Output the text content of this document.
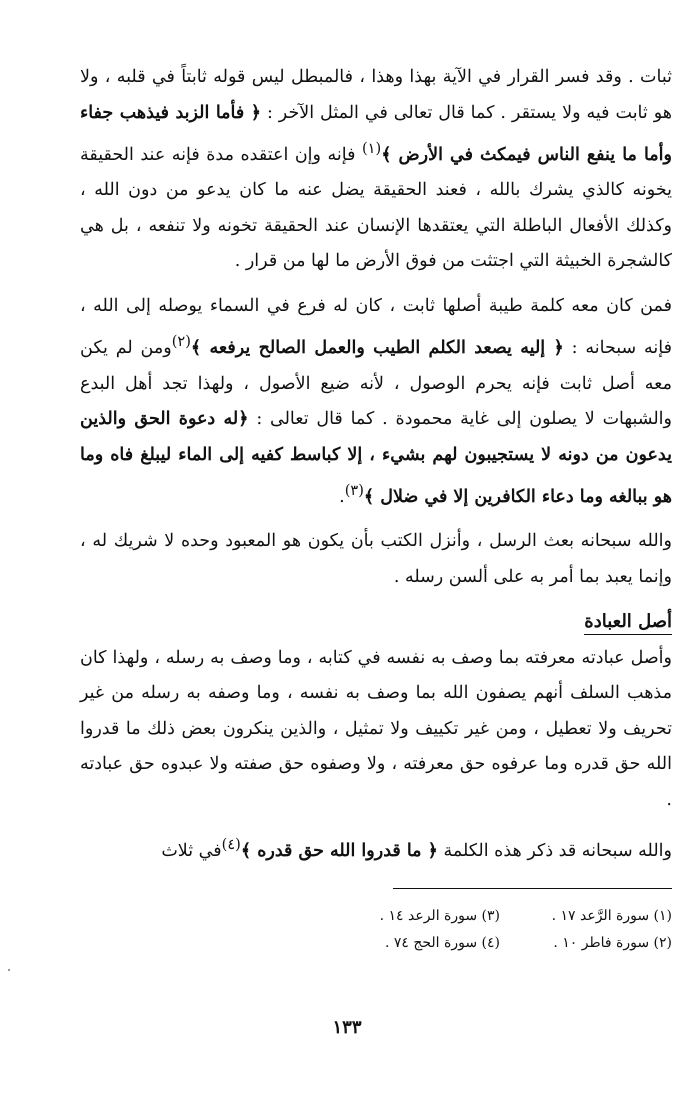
ثبات . وقد فسر القرار في الآية بهذا وهذا ، فالمبطل ليس قوله ثابتاً في قلبه ، ولا هو ثابت فيه ولا يستقر . كما قال تعالى في المثل الآخر : ﴿ فأما الزبد فيذهب جفاء وأما ما ينفع الناس فيمكث في الأرض ﴾$^{(١)}$ فإنه وإن اعتقده مدة فإنه عند الحقيقة يخونه كالذي يشرك بالله ، فعند الحقيقة يضل عنه ما كان يدعو من دون الله ، وكذلك الأفعال الباطلة التي يعتقدها الإنسان عند الحقيقة تخونه ولا تنفعه ، بل هي كالشجرة الخبيثة التي اجتثت من فوق الأرض ما لها من قرار .

فمن كان معه كلمة طيبة أصلها ثابت ، كان له فرع في السماء يوصله إلى الله ، فإنه سبحانه : ﴿ إليه يصعد الكلم الطيب والعمل الصالح يرفعه ﴾$^{(٢)}$ومن لم يكن معه أصل ثابت فإنه يحرم الوصول ، لأنه ضيع الأصول ، ولهذا تجد أهل البدع والشبهات لا يصلون إلى غاية محمودة . كما قال تعالى : ﴿له دعوة الحق والذين يدعون من دونه لا يستجيبون لهم بشيء ، إلا كباسط كفيه إلى الماء ليبلغ فاه وما هو ببالغه وما دعاء الكافرين إلا في ضلال ﴾$^{(٣)}$.

والله سبحانه بعث الرسل ، وأنزل الكتب بأن يكون هو المعبود وحده لا شريك له ، وإنما يعبد بما أمر به على ألسن رسله .

أصل العبادة

وأصل عبادته معرفته بما وصف به نفسه في كتابه ، وما وصف به رسله ، ولهذا كان مذهب السلف أنهم يصفون الله بما وصف به نفسه ، وما وصفه به رسله من غير تحريف ولا تعطيل ، ومن غير تكييف ولا تمثيل ، والذين ينكرون بعض ذلك ما قدروا الله حق قدره وما عرفوه حق معرفته ، ولا وصفوه حق صفته ولا عبدوه حق عبادته .

والله سبحانه قد ذكر هذه الكلمة ﴿ ما قدروا الله حق قدره ﴾$^{(٤)}$في ثلاث

(١) سورة الرَّعد ١٧ .
(٣) سورة الرعد ١٤ .
(٢) سورة فاطر ١٠ .
(٤) سورة الحج ٧٤ .
١٣٣
